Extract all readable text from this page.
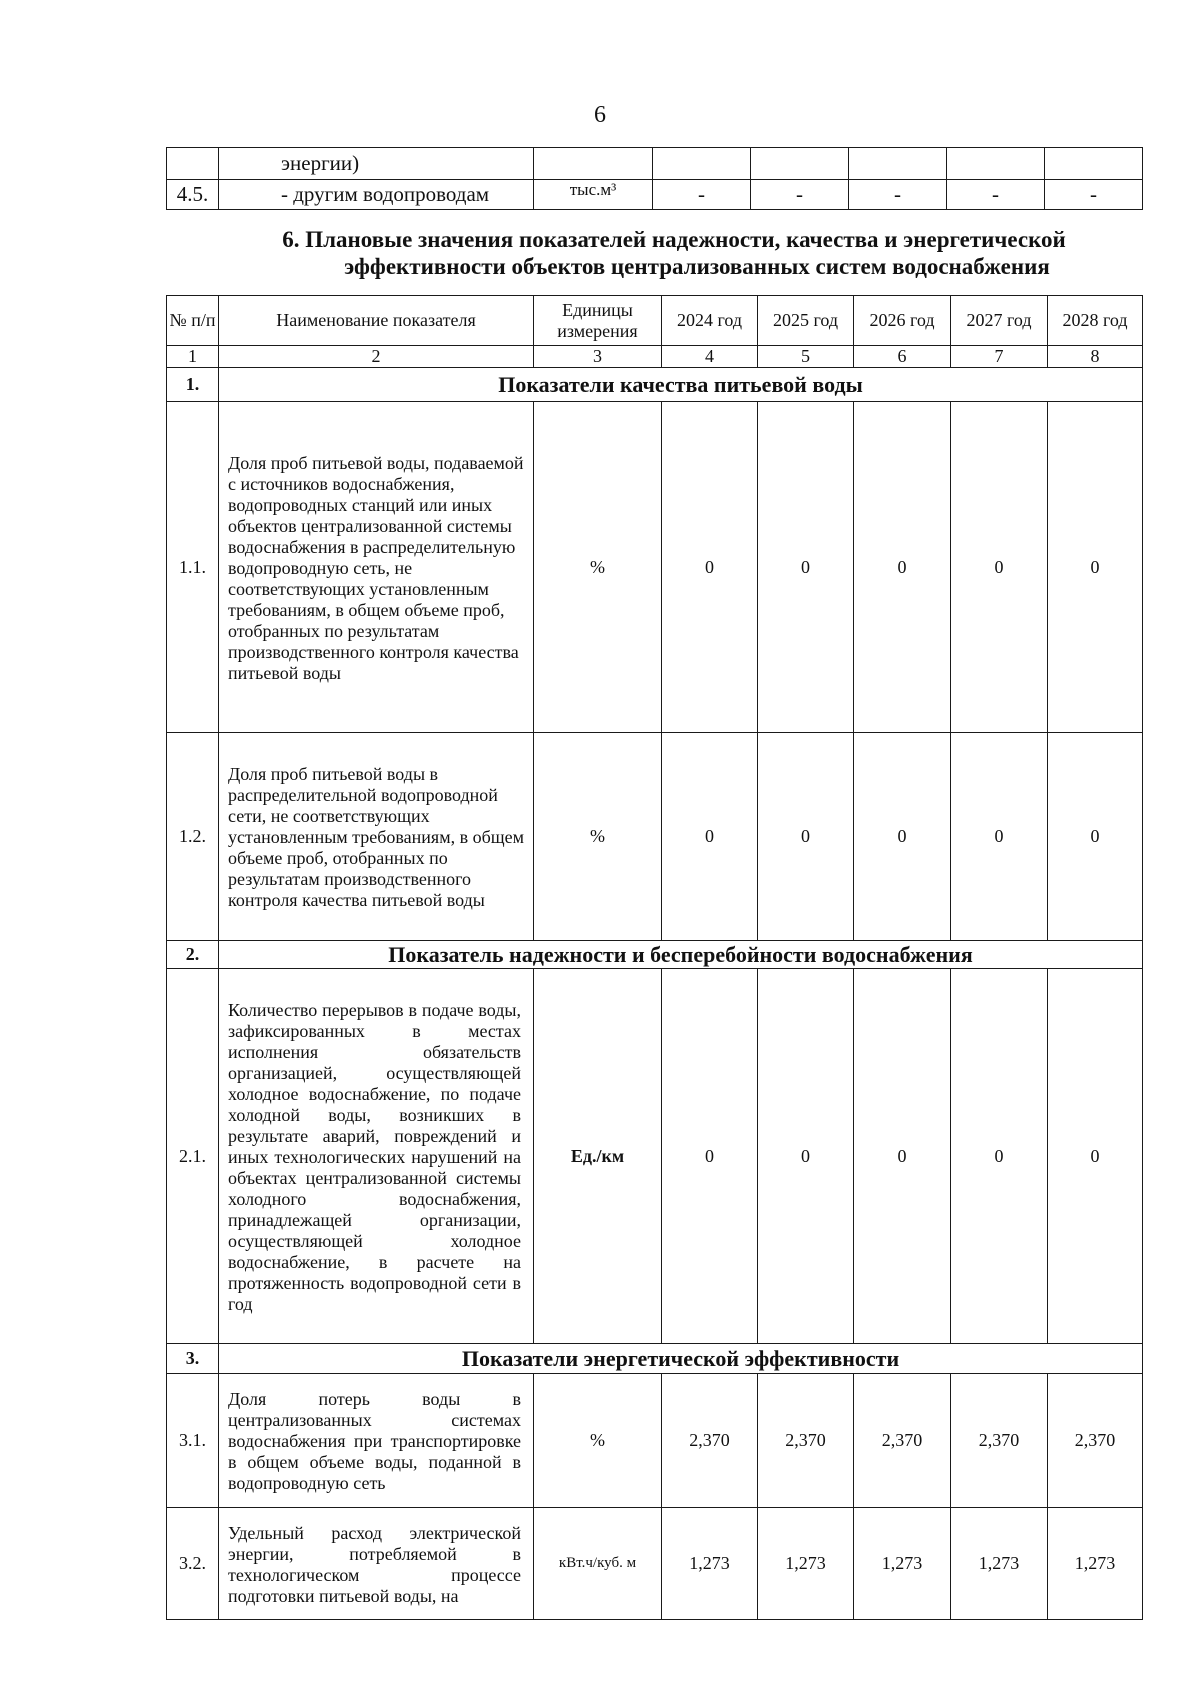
6
	энергии)						
4.5.	- другим водопроводам	тыс.м³	-	-	-	-	-
6. Плановые значения показателей надежности, качества и энергетической
эффективности объектов централизованных систем водоснабжения
№ п/п	Наименование показателя	Единицы измерения	2024 год	2025 год	2026 год	2027 год	2028 год
1	2	3	4	5	6	7	8
1.	Показатели качества питьевой воды						
1.1.	Доля проб питьевой воды, подаваемой с источников водоснабжения, водопроводных станций или иных объектов централизованной системы водоснабжения в распределительную водопроводную сеть, не соответствующих установленным требованиям, в общем объеме проб, отобранных по результатам производственного контроля качества питьевой воды	%	0	0	0	0	0
1.2.	Доля проб питьевой воды в распределительной водопроводной сети, не соответствующих установленным требованиям, в общем объеме проб, отобранных по результатам производственного контроля качества питьевой воды	%	0	0	0	0	0
2.	Показатель надежности и бесперебойности водоснабжения						
2.1.	Количество перерывов в подаче воды, зафиксированных в местах исполнения обязательств организацией, осуществляющей холодное водоснабжение, по подаче холодной воды, возникших в результате аварий, повреждений и иных технологических нарушений на объектах централизованной системы холодного водоснабжения, принадлежащей организации, осуществляющей холодное водоснабжение, в расчете на протяженность водопроводной сети в год	Ед./км	0	0	0	0	0
3.	Показатели энергетической эффективности						
3.1.	Доля потерь воды в централизованных системах водоснабжения при транспортировке в общем объеме воды, поданной в водопроводную сеть	%	2,370	2,370	2,370	2,370	2,370
3.2.	Удельный расход электрической энергии, потребляемой в технологическом процессе подготовки питьевой воды, на	кВт.ч/куб. м	1,273	1,273	1,273	1,273	1,273
